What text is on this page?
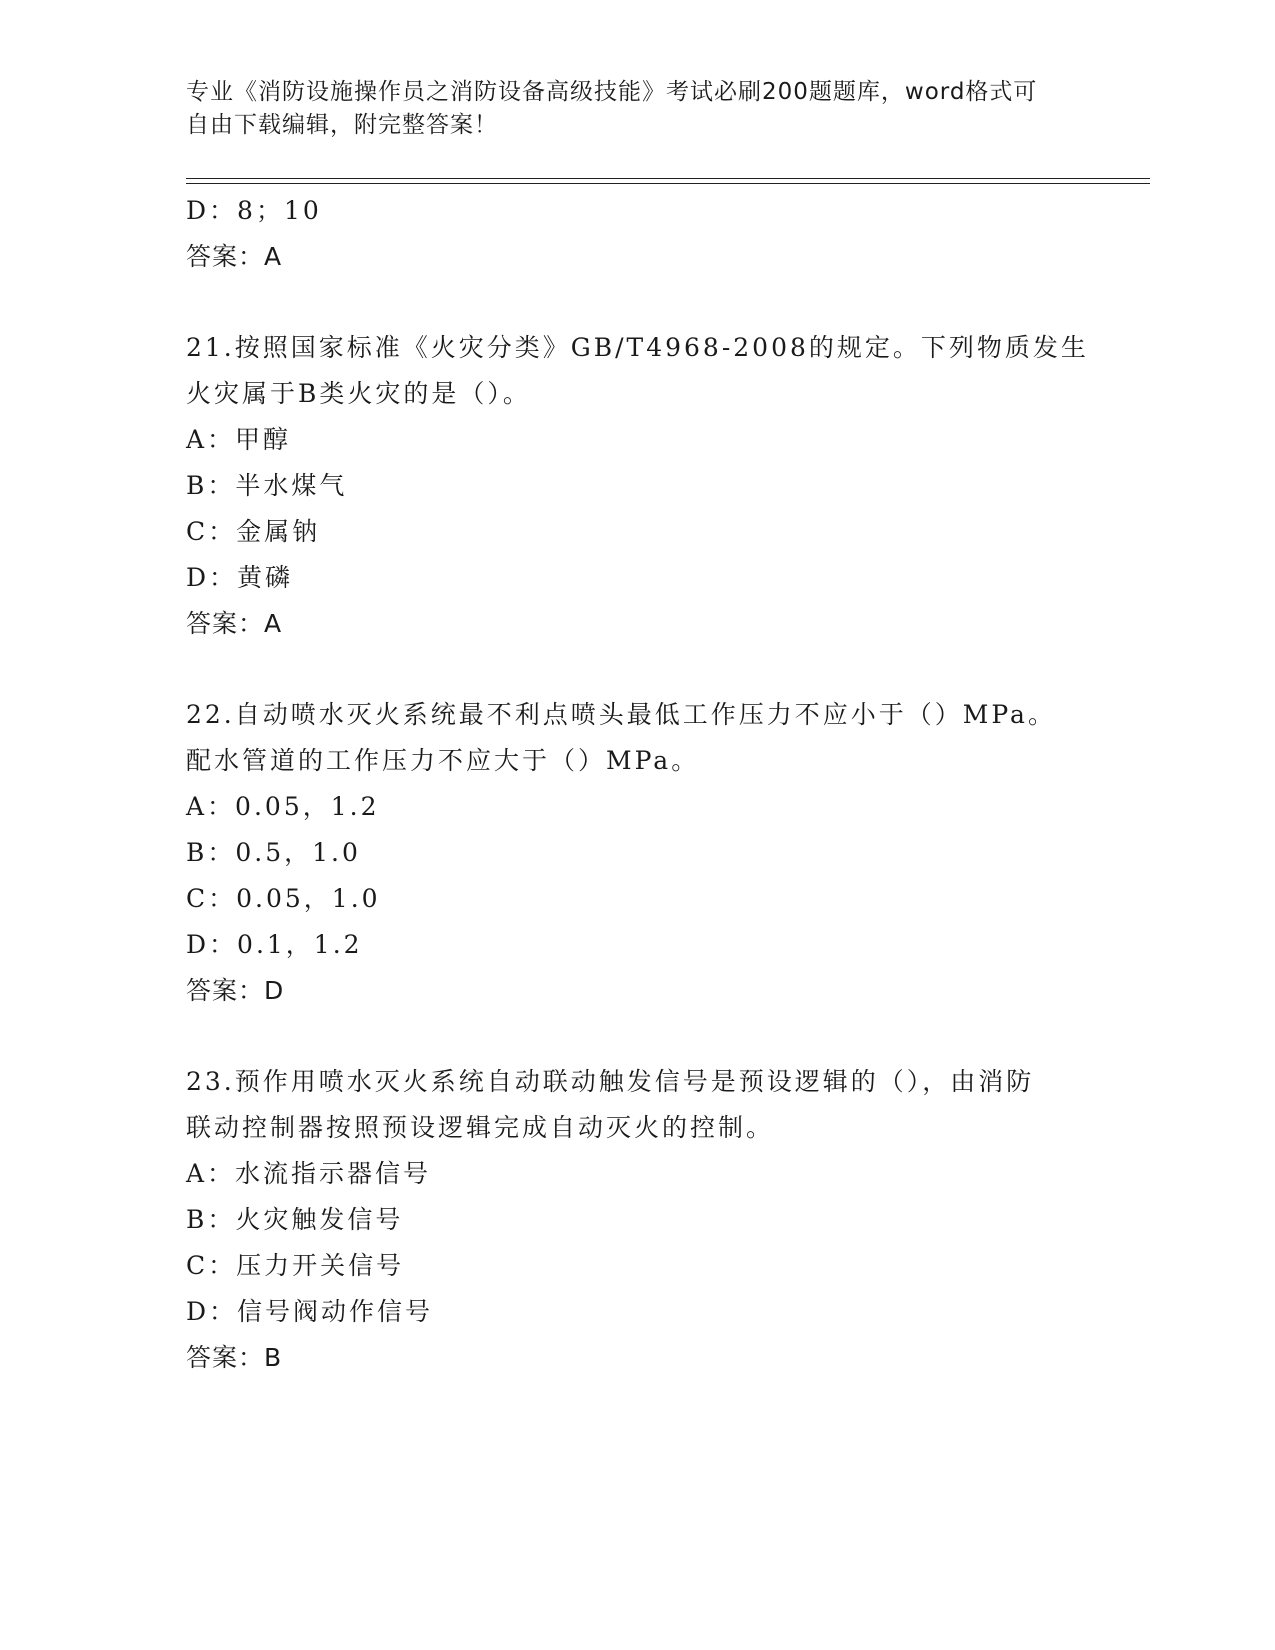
专业《消防设施操作员之消防设备高级技能》考试必刷200题题库，word格式可
自由下载编辑，附完整答案！
D：8；10
答案：A
21.按照国家标准《火灾分类》GB/T4968-2008的规定。下列物质发生
火灾属于B类火灾的是（）。
A：甲醇
B：半水煤气
C：金属钠
D：黄磷
答案：A
22.自动喷水灭火系统最不利点喷头最低工作压力不应小于（）MPa。
配水管道的工作压力不应大于（）MPa。
A：0.05，1.2
B：0.5，1.0
C：0.05，1.0
D：0.1，1.2
答案：D
23.预作用喷水灭火系统自动联动触发信号是预设逻辑的（），由消防
联动控制器按照预设逻辑完成自动灭火的控制。
A：水流指示器信号
B：火灾触发信号
C：压力开关信号
D：信号阀动作信号
答案：B
